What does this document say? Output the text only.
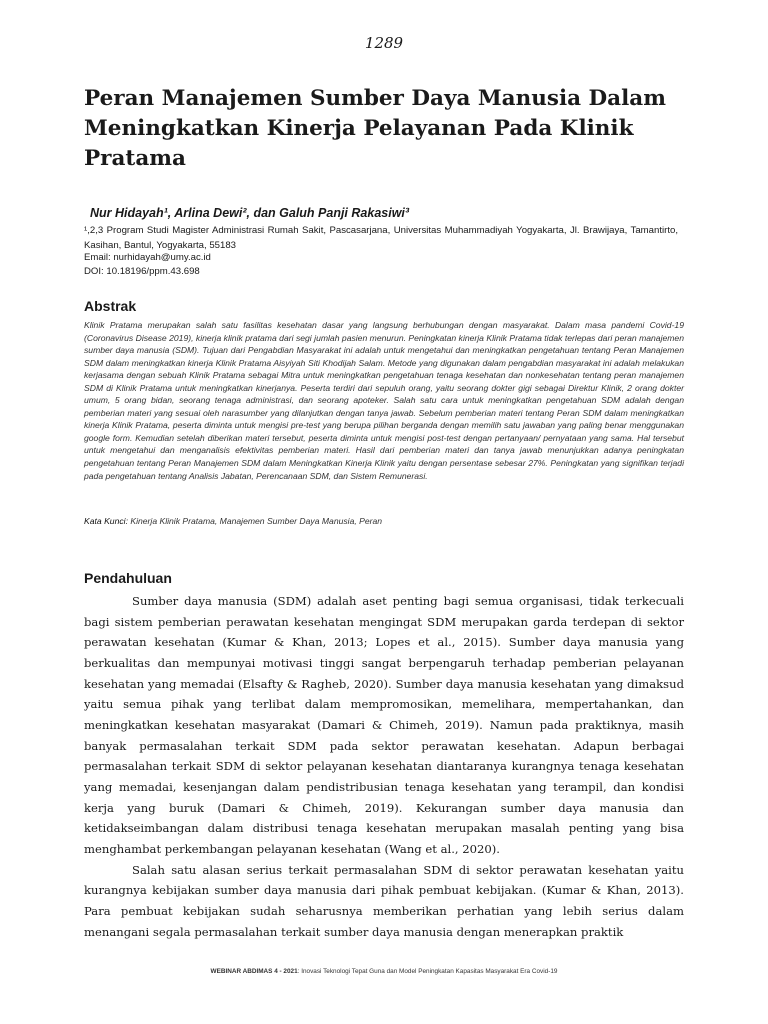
1289
Peran Manajemen Sumber Daya Manusia Dalam Meningkatkan Kinerja Pelayanan Pada Klinik Pratama
Nur Hidayah¹, Arlina Dewi², dan Galuh Panji Rakasiwi³
¹,2,3 Program Studi Magister Administrasi Rumah Sakit, Pascasarjana, Universitas Muhammadiyah Yogyakarta, Jl. Brawijaya, Tamantirto, Kasihan, Bantul, Yogyakarta, 55183
Email: nurhidayah@umy.ac.id
DOI: 10.18196/ppm.43.698
Abstrak

Klinik Pratama merupakan salah satu fasilitas kesehatan dasar yang langsung berhubungan dengan masyarakat. Dalam masa pandemi Covid-19 (Coronavirus Disease 2019), kinerja klinik pratama dari segi jumlah pasien menurun. Peningkatan kinerja Klinik Pratama tidak terlepas dari peran manajemen sumber daya manusia (SDM). Tujuan dari Pengabdian Masyarakat ini adalah untuk mengetahui dan meningkatkan pengetahuan tentang Peran Manajemen SDM dalam meningkatkan kinerja Klinik Pratama Aisyiyah Siti Khodijah Salam. Metode yang digunakan dalam pengabdian masyarakat ini adalah melakukan kerjasama dengan sebuah Klinik Pratama sebagai Mitra untuk meningkatkan pengetahuan tenaga kesehatan dan nonkesehatan tentang peran manajemen SDM di Klinik Pratama untuk meningkatkan kinerjanya. Peserta terdiri dari sepuluh orang, yaitu seorang dokter gigi sebagai Direktur Klinik, 2 orang dokter umum, 5 orang bidan, seorang tenaga administrasi, dan seorang apoteker. Salah satu cara untuk meningkatkan pengetahuan SDM adalah dengan pemberian materi yang sesuai oleh narasumber yang dilanjutkan dengan tanya jawab. Sebelum pemberian materi tentang Peran SDM dalam meningkatkan kinerja Klinik Pratama, peserta diminta untuk mengisi pre-test yang berupa pilihan berganda dengan memilih satu jawaban yang paling benar menggunakan google form. Kemudian setelah diberikan materi tersebut, peserta diminta untuk mengisi post-test dengan pertanyaan/ pernyataan yang sama. Hal tersebut untuk mengetahui dan menganalisis efektivitas pemberian materi. Hasil dari pemberian materi dan tanya jawab menunjukkan adanya peningkatan pengetahuan tentang Peran Manajemen SDM dalam Meningkatkan Kinerja Klinik yaitu dengan persentase sebesar 27%. Peningkatan yang signifikan terjadi pada pengetahuan tentang Analisis Jabatan, Perencanaan SDM, dan Sistem Remunerasi.

Kata Kunci: Kinerja Klinik Pratama, Manajemen Sumber Daya Manusia, Peran
Pendahuluan

Sumber daya manusia (SDM) adalah aset penting bagi semua organisasi, tidak terkecuali bagi sistem pemberian perawatan kesehatan mengingat SDM merupakan garda terdepan di sektor perawatan kesehatan (Kumar & Khan, 2013; Lopes et al., 2015). Sumber daya manusia yang berkualitas dan mempunyai motivasi tinggi sangat berpengaruh terhadap pemberian pelayanan kesehatan yang memadai (Elsafty & Ragheb, 2020). Sumber daya manusia kesehatan yang dimaksud yaitu semua pihak yang terlibat dalam mempromosikan, memelihara, mempertahankan, dan meningkatkan kesehatan masyarakat (Damari & Chimeh, 2019). Namun pada praktiknya, masih banyak permasalahan terkait SDM pada sektor perawatan kesehatan. Adapun berbagai permasalahan terkait SDM di sektor pelayanan kesehatan diantaranya kurangnya tenaga kesehatan yang memadai, kesenjangan dalam pendistribusian tenaga kesehatan yang terampil, dan kondisi kerja yang buruk (Damari & Chimeh, 2019). Kekurangan sumber daya manusia dan ketidakseimbangan dalam distribusi tenaga kesehatan merupakan masalah penting yang bisa menghambat perkembangan pelayanan kesehatan (Wang et al., 2020).

Salah satu alasan serius terkait permasalahan SDM di sektor perawatan kesehatan yaitu kurangnya kebijakan sumber daya manusia dari pihak pembuat kebijakan. (Kumar & Khan, 2013). Para pembuat kebijakan sudah seharusnya memberikan perhatian yang lebih serius dalam menangani segala permasalahan terkait sumber daya manusia dengan menerapkan praktik

WEBINAR ABDIMAS 4 - 2021: Inovasi Teknologi Tepat Guna dan Model Peningkatan Kapasitas Masyarakat Era Covid-19
